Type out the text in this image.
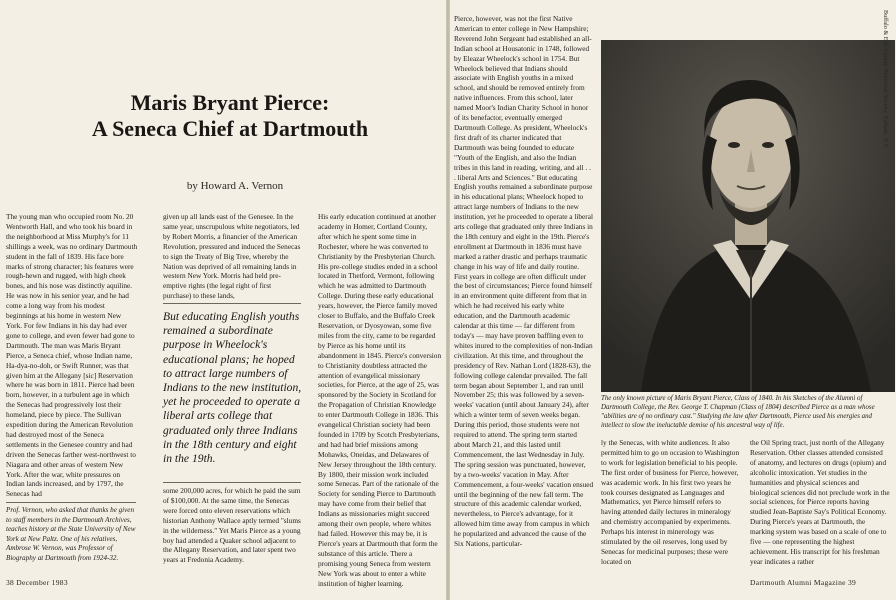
Maris Bryant Pierce:
A Seneca Chief at Dartmouth
by Howard A. Vernon

The young man who occupied room No. 20 Wentworth Hall, and who took his board in the neighborhood at Miss Murphy's for 11 shillings a week, was no ordinary Dartmouth student in the fall of 1839. His face bore marks of strong character; his features were rough-hewn and rugged, with high cheek bones, and his nose was distinctly aquiline. He was now in his senior year, and he had come a long way from his modest beginnings at his home in western New York. For few Indians in his day had ever gone to college, and even fewer had gone to Dartmouth. The man was Maris Bryant Pierce, a Seneca chief, whose Indian name, Ha-dya-no-doh, or Swift Runner, was that given him at the Allegany [sic] Reservation where he was born in 1811. Pierce had been born, however, in a turbulent age in which the Senecas had progressively lost their homeland, piece by piece. The Sullivan expedition during the American Revolution had destroyed most of the Seneca settlements in the Genesee country and had driven the Senecas farther west-northwest to Niagara and other areas of western New York. After the war, white pressures on Indian lands increased, and by 1797, the Senecas had

Prof. Vernon, who asked that thanks be given to staff members in the Dartmouth Archives, teaches history at the State University of New York at New Paltz. One of his relatives, Ambrose W. Vernon, was Professor of Biography at Dartmouth from 1924-32.

given up all lands east of the Genesee. In the same year, unscrupulous white negotiators, led by Robert Morris, a financier of the American Revolution, pressured and induced the Senecas to sign the Treaty of Big Tree, whereby the Nation was deprived of all remaining lands in western New York. Morris had held pre-emptive rights (the legal right of first purchase) to these lands,

But educating English youths remained a subordinate purpose in Wheelock's educational plans; he hoped to attract large numbers of Indians to the new institution, yet he proceeded to operate a liberal arts college that graduated only three Indians in the 18th century and eight in the 19th.

some 200,000 acres, for which he paid the sum of $100,000. At the same time, the Senecas were forced onto eleven reservations which historian Anthony Wallace aptly termed "slums in the wilderness." Yet Maris Pierce as a young boy had attended a Quaker school adjacent to the Allegany Reservation, and later spent two years at Fredonia Academy.

His early education continued at another academy in Homer, Cortland County, after which he spent some time in Rochester, where he was converted to Christianity by the Presbyterian Church. His pre-college studies ended in a school located in Thetford, Vermont, following which he was admitted to Dartmouth College. During these early educational years, however, the Pierce family moved closer to Buffalo, and the Buffalo Creek Reservation, or Dyosyowan, some five miles from the city, came to be regarded by Pierce as his home until its abandonment in 1845. Pierce's conversion to Christianity doubtless attracted the attention of evangelical missionary societies, for Pierce, at the age of 25, was sponsored by the Society in Scotland for the Propagation of Christian Knowledge to enter Dartmouth College in 1836. This evangelical Christian society had been founded in 1709 by Scotch Presbyterians, and had had brief missions among Mohawks, Oneidas, and Delawares of New Jersey throughout the 18th century. By 1800, their mission work included some Senecas. Part of the rationale of the Society for sending Pierce to Dartmouth may have come from their belief that Indians as missionaries might succeed among their own people, where whites had failed. However this may be, it is Pierce's years at Dartmouth that form the substance of this article. There a promising young Seneca from western New York was about to enter a white institution of higher learning.

38 December 1983

Pierce, however, was not the first Native American to enter college in New Hampshire; Reverend John Sergeant had established an all-Indian school at Housatonic in 1748, followed by Eleazar Wheelock's school in 1754. But Wheelock believed that Indians should associate with English youths in a mixed school, and should be removed entirely from native influences. From this school, later named Moor's Indian Charity School in honor of its benefactor, eventually emerged Dartmouth College. As president, Wheelock's first draft of its charter indicated that Dartmouth was being founded to educate "Youth of the English, and also the Indian tribes in this land in reading, writing, and all . . . liberal Arts and Sciences." But educating English youths remained a subordinate purpose in his educational plans; Wheelock hoped to attract large numbers of Indians to the new institution, yet he proceeded to operate a liberal arts college that graduated only three Indians in the 18th century and eight in the 19th. Pierce's enrollment at Dartmouth in 1836 must have marked a rather drastic and perhaps traumatic change in his way of life and daily routine. First years in college are often difficult under the best of circumstances; Pierce found himself in an environment quite different from that in which he had received his early white education, and the Dartmouth academic calendar at this time — far different from today's — may have proven baffling even to whites inured to the complexities of non-Indian civilization. At this time, and throughout the presidency of Rev. Nathan Lord (1828-63), the following college calendar prevailed. The fall term began about September 1, and ran until November 25; this was followed by a seven-weeks' vacation (until about January 24), after which a winter term of seven weeks began. During this period, those students were not required to attend. The spring term started about March 21, and this lasted until Commencement, the last Wednesday in July. The spring session was punctuated, however, by a two-weeks' vacation in May. After Commencement, a four-weeks' vacation ensued until the beginning of the new fall term. The structure of this academic calendar worked, nevertheless, to Pierce's advantage, for it allowed him time away from campus in which he popularized and advanced the cause of the Six Nations, particular-

Buffalo & Erie County Historical Society, Buffalo, N.Y.
The only known picture of Maris Bryant Pierce, Class of 1840. In his Sketches of the Alumni of Dartmouth College, the Rev. George T. Chapman (Class of 1804) described Pierce as a man whose "abilities are of no ordinary cast." Studying the law after Dartmouth, Pierce used his energies and intellect to slow the ineluctable demise of his ancestral way of life.

ly the Senecas, with white audiences. It also permitted him to go on occasion to Washington to work for legislation beneficial to his people. The first order of business for Pierce, however, was academic work. In his first two years he took courses designated as Languages and Mathematics, yet Pierce himself refers to having attended daily lectures in mineralogy and chemistry accompanied by experiments. Perhaps his interest in minerology was stimulated by the oil reserves, long used by Senecas for medicinal purposes; these were located on

the Oil Spring tract, just north of the Allegany Reservation. Other classes attended consisted of anatomy, and lectures on drugs (opium) and alcoholic intoxication. Yet studies in the humanities and physical sciences and biological sciences did not preclude work in the social sciences, for Pierce reports having studied Jean-Baptiste Say's Political Economy. During Pierce's years at Dartmouth, the marking system was based on a scale of one to five — one representing the highest achievement. His transcript for his freshman year indicates a rather

Dartmouth Alumni Magazine 39
